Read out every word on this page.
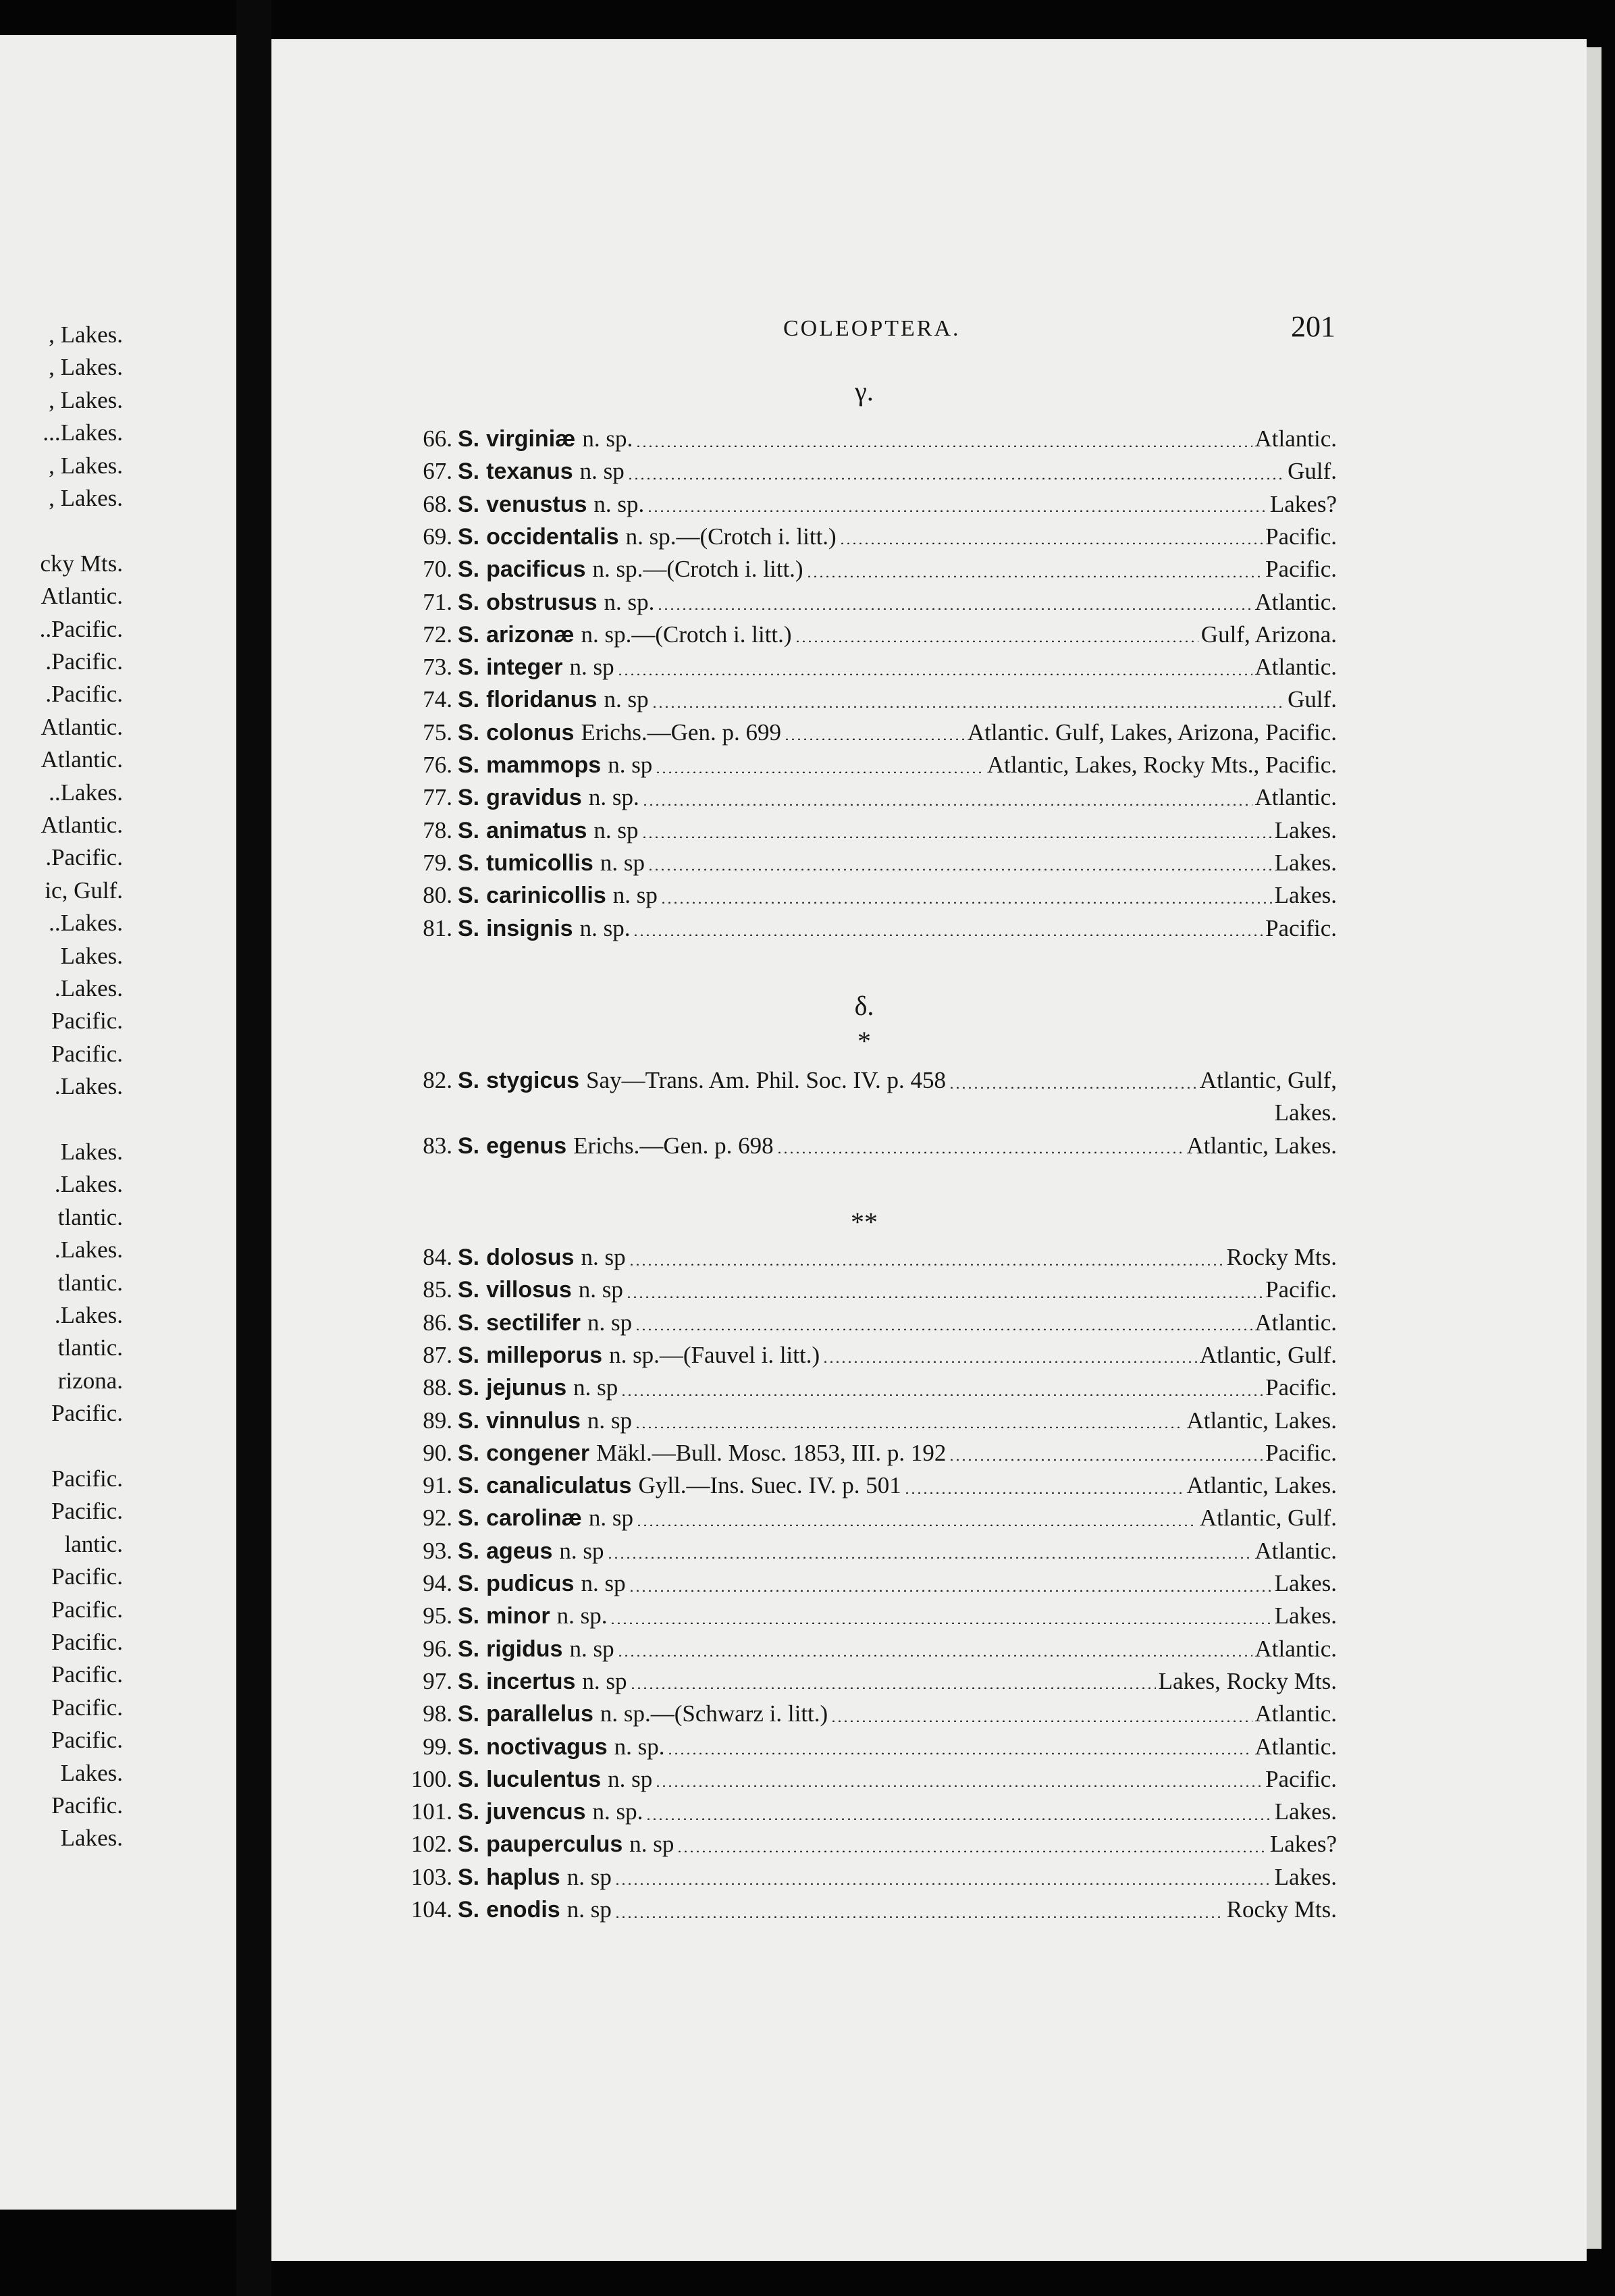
, Lakes.
, Lakes.
, Lakes.
...Lakes.
, Lakes.
, Lakes.
cky Mts.
Atlantic.
..Pacific.
.Pacific.
.Pacific.
Atlantic.
Atlantic.
..Lakes.
Atlantic.
.Pacific.
ic, Gulf.
..Lakes.
Lakes.
.Lakes.
Pacific.
Pacific.
.Lakes.
Lakes.
.Lakes.
tlantic.
.Lakes.
tlantic.
.Lakes.
tlantic.
rizona.
Pacific.
Pacific.
Pacific.
lantic.
Pacific.
Pacific.
Pacific.
Pacific.
Pacific.
Pacific.
Lakes.
Pacific.
Lakes.
COLEOPTERA.	201
γ.
66. S. virginiæ n. sp.	Atlantic.
67. S. texanus n. sp	Gulf.
68. S. venustus n. sp.	Lakes?
69. S. occidentalis n. sp.—(Crotch i. litt.)	Pacific.
70. S. pacificus n. sp.—(Crotch i. litt.)	Pacific.
71. S. obstrusus n. sp.	Atlantic.
72. S. arizonæ n. sp.—(Crotch i. litt.)	Gulf, Arizona.
73. S. integer n. sp	Atlantic.
74. S. floridanus n. sp	Gulf.
75. S. colonus Erichs.—Gen. p. 699	Atlantic. Gulf, Lakes, Arizona, Pacific.
76. S. mammops n. sp	Atlantic, Lakes, Rocky Mts., Pacific.
77. S. gravidus n. sp.	Atlantic.
78. S. animatus n. sp	Lakes.
79. S. tumicollis n. sp	Lakes.
80. S. carinicollis n. sp	Lakes.
81. S. insignis n. sp.	Pacific.
δ.
*
82. S. stygicus Say—Trans. Am. Phil. Soc. IV. p. 458	Atlantic, Gulf,
Lakes.
83. S. egenus Erichs.—Gen. p. 698	Atlantic, Lakes.
**
84. S. dolosus n. sp	Rocky Mts.
85. S. villosus n. sp	Pacific.
86. S. sectilifer n. sp	Atlantic.
87. S. milleporus n. sp.—(Fauvel i. litt.)	Atlantic, Gulf.
88. S. jejunus n. sp	Pacific.
89. S. vinnulus n. sp	Atlantic, Lakes.
90. S. congener Mäkl.—Bull. Mosc. 1853, III. p. 192	Pacific.
91. S. canaliculatus Gyll.—Ins. Suec. IV. p. 501	Atlantic, Lakes.
92. S. carolinæ n. sp	Atlantic, Gulf.
93. S. ageus n. sp	Atlantic.
94. S. pudicus n. sp	Lakes.
95. S. minor n. sp.	Lakes.
96. S. rigidus n. sp	Atlantic.
97. S. incertus n. sp	Lakes, Rocky Mts.
98. S. parallelus n. sp.—(Schwarz i. litt.)	Atlantic.
99. S. noctivagus n. sp.	Atlantic.
100. S. luculentus n. sp	Pacific.
101. S. juvencus n. sp.	Lakes.
102. S. pauperculus n. sp	Lakes?
103. S. haplus n. sp	Lakes.
104. S. enodis n. sp	Rocky Mts.
